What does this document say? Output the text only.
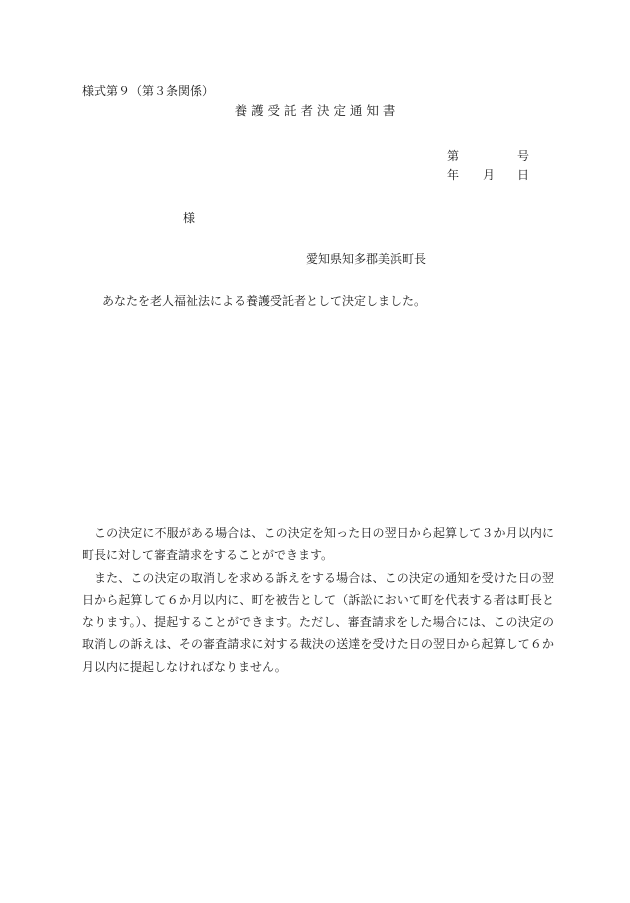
様式第９（第３条関係）
養 護 受 託 者 決 定 通 知 書
第	号
年 月 日
様
愛知県知多郡美浜町長
あなたを老人福祉法による養護受託者として決定しました。

この決定に不服がある場合は、この決定を知った日の翌日から起算して３か月以内に町長に対して審査請求をすることができます。

また、この決定の取消しを求める訴えをする場合は、この決定の通知を受けた日の翌日から起算して６か月以内に、町を被告として（訴訟において町を代表する者は町長となります。）、提起することができます。ただし、審査請求をした場合には、この決定の取消しの訴えは、その審査請求に対する裁決の送達を受けた日の翌日から起算して６か月以内に提起しなければなりません。
